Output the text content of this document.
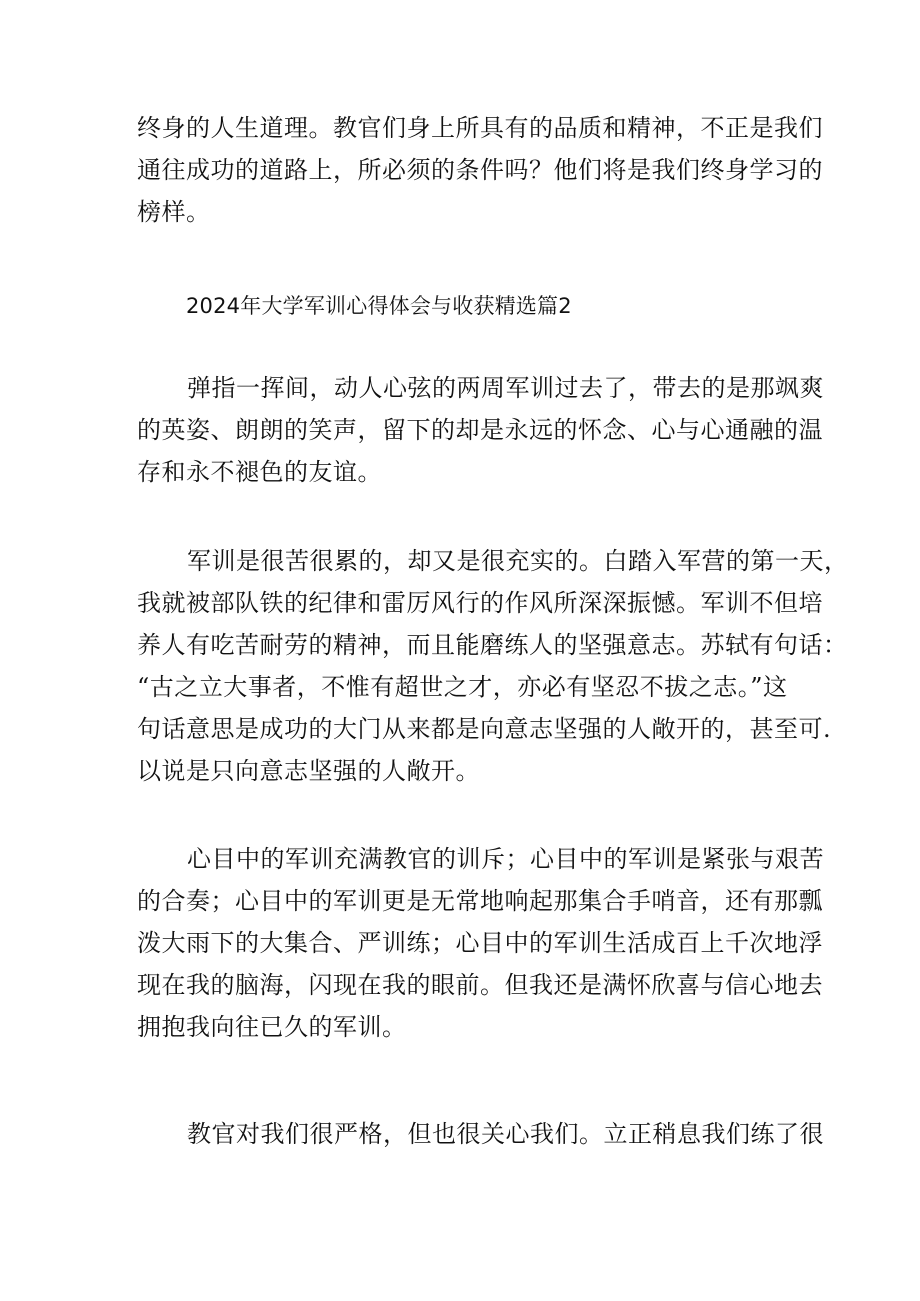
终身的人生道理。教官们身上所具有的品质和精神，不正是我们
通往成功的道路上，所必须的条件吗？他们将是我们终身学习的
榜样。

2024年大学军训心得体会与收获精选篇2

弹指一挥间，动人心弦的两周军训过去了，带去的是那飒爽
的英姿、朗朗的笑声，留下的却是永远的怀念、心与心通融的温
存和永不褪色的友谊。

军训是很苦很累的，却又是很充实的。白踏入军营的第一天，
我就被部队铁的纪律和雷厉风行的作风所深深振憾。军训不但培
养人有吃苦耐劳的精神，而且能磨练人的坚强意志。苏轼有句话：
“古之立大事者，不惟有超世之才，亦必有坚忍不拔之志。”这
句话意思是成功的大门从来都是向意志坚强的人敞开的，甚至可.
以说是只向意志坚强的人敞开。

心目中的军训充满教官的训斥；心目中的军训是紧张与艰苦
的合奏；心目中的军训更是无常地响起那集合手哨音，还有那瓢
泼大雨下的大集合、严训练；心目中的军训生活成百上千次地浮
现在我的脑海，闪现在我的眼前。但我还是满怀欣喜与信心地去
拥抱我向往已久的军训。

教官对我们很严格，但也很关心我们。立正稍息我们练了很
